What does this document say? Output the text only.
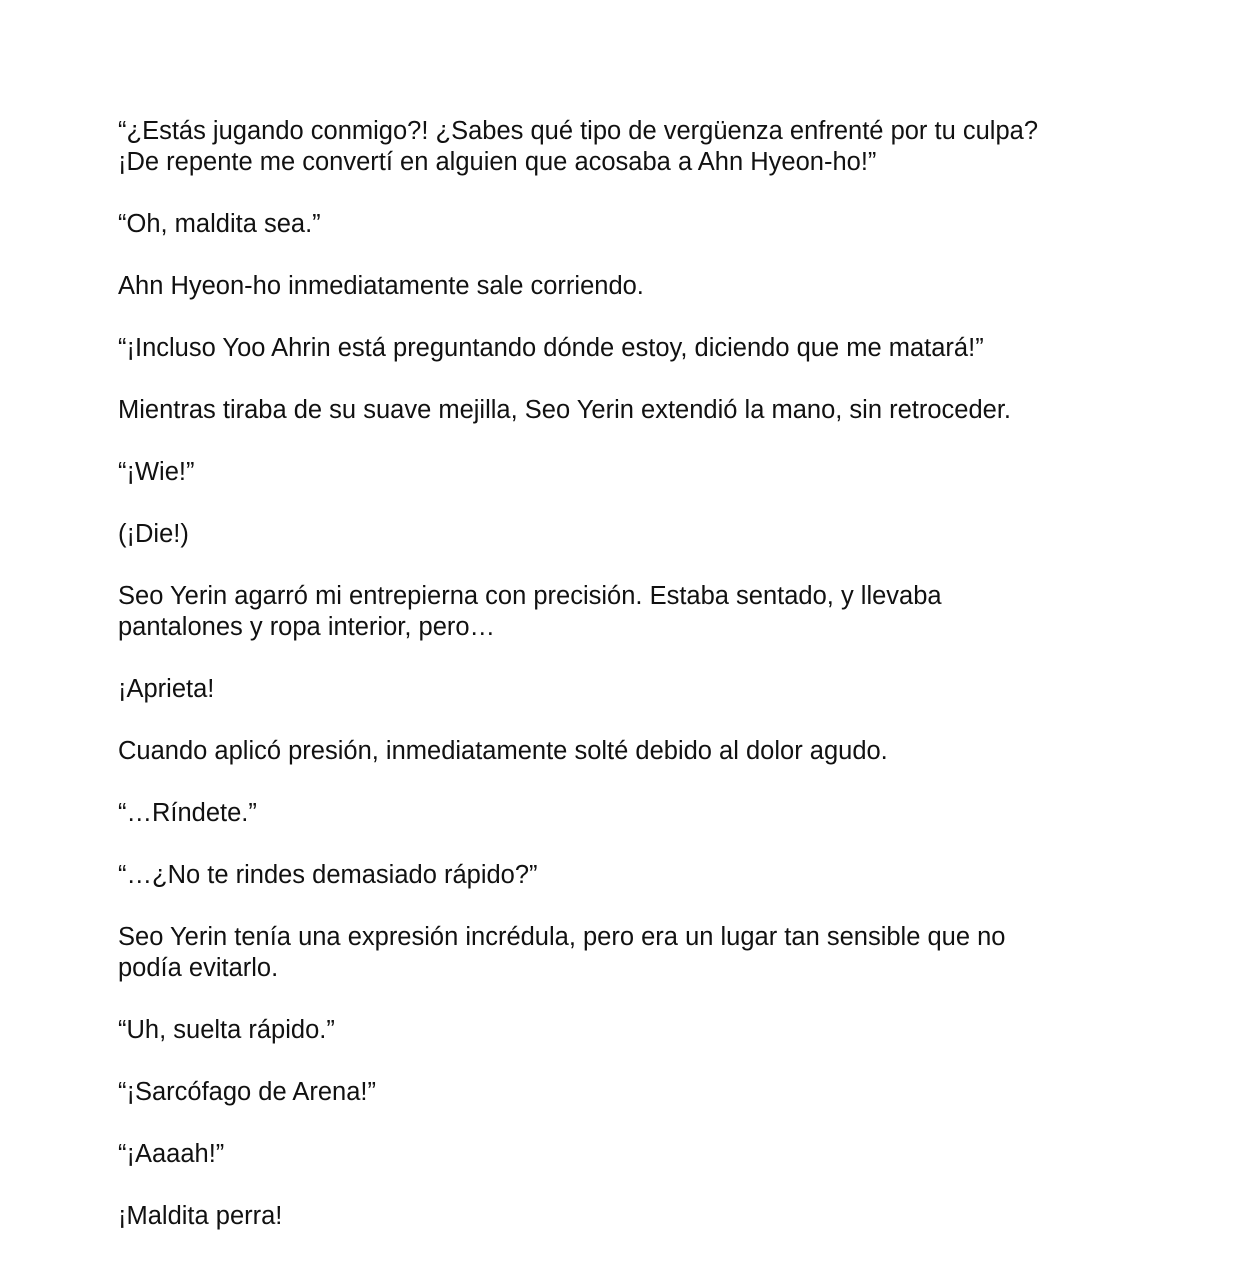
“¿Estás jugando conmigo?! ¿Sabes qué tipo de vergüenza enfrenté por tu culpa?
¡De repente me convertí en alguien que acosaba a Ahn Hyeon-ho!”

“Oh, maldita sea.”

Ahn Hyeon-ho inmediatamente sale corriendo.

“¡Incluso Yoo Ahrin está preguntando dónde estoy, diciendo que me matará!”

Mientras tiraba de su suave mejilla, Seo Yerin extendió la mano, sin retroceder.

“¡Wie!”

(¡Die!)

Seo Yerin agarró mi entrepierna con precisión. Estaba sentado, y llevaba
pantalones y ropa interior, pero…

¡Aprieta!

Cuando aplicó presión, inmediatamente solté debido al dolor agudo.

“…Ríndete.”

“…¿No te rindes demasiado rápido?”

Seo Yerin tenía una expresión incrédula, pero era un lugar tan sensible que no
podía evitarlo.

“Uh, suelta rápido.”

“¡Sarcófago de Arena!”

“¡Aaaah!”

¡Maldita perra!
